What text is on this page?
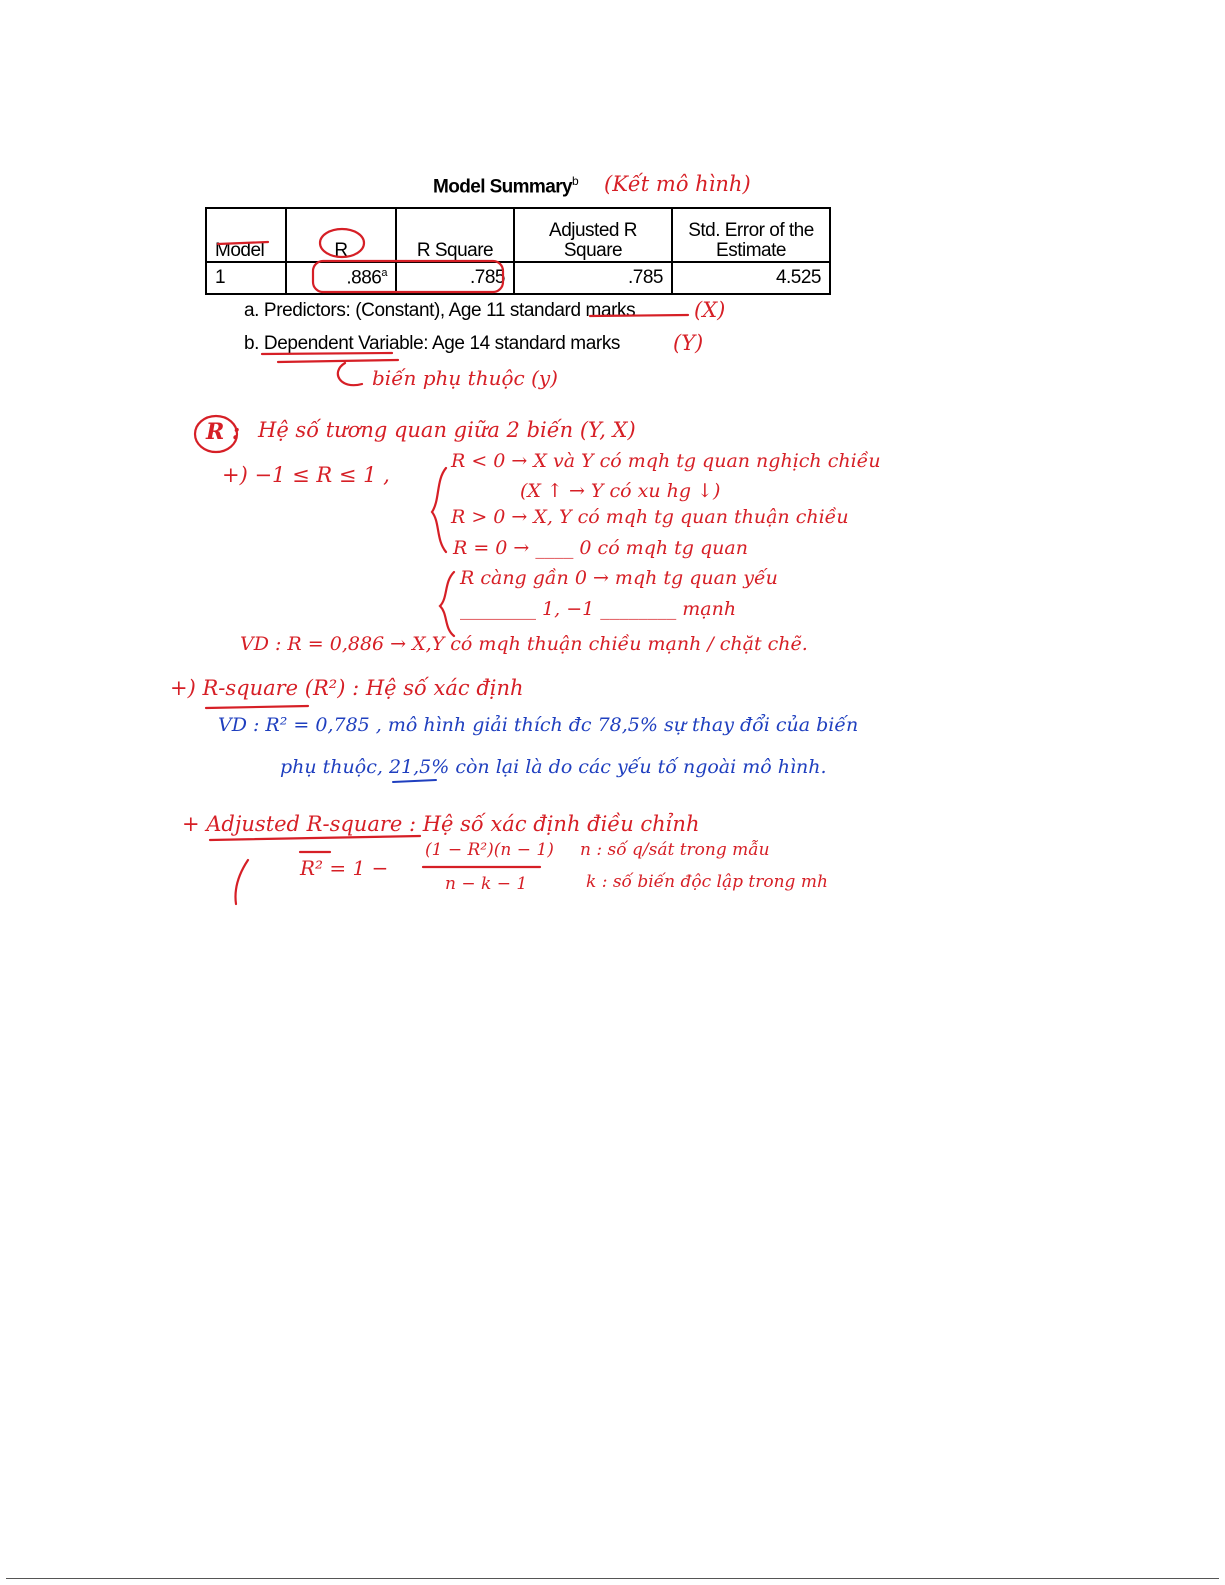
Model Summary$^b$
Model	R	R Square	Adjusted R Square	Std. Error of the Estimate
1	.886$^a$	.785	.785	4.525
a. Predictors: (Constant), Age 11 standard marks
b. Dependent Variable: Age 14 standard marks
(Kết mô hình)
(X)
(Y)
biến phụ thuộc (y)
R : Hệ số tương quan giữa 2 biến (Y, X)
+) −1 ≤ R ≤ 1 ,
R < 0 → X và Y có mqh tg quan nghịch chiều
(X ↑ → Y có xu hg ↓)
R > 0 → X, Y có mqh tg quan thuận chiều
R = 0 → ____ 0 có mqh tg quan
R càng gần 0 → mqh tg quan yếu
________ 1, −1 ________ mạnh
VD : R = 0,886 → X,Y có mqh thuận chiều mạnh / chặt chẽ.
+) R-square (R²) : Hệ số xác định
VD : R² = 0,785 , mô hình giải thích đc 78,5% sự thay đổi của biến
phụ thuộc, 21,5% còn lại là do các yếu tố ngoài mô hình.
+ Adjusted R-square : Hệ số xác định điều chỉnh
R² = 1 −
(1 − R²)(n − 1)
n − k − 1
n : số q/sát trong mẫu
k : số biến độc lập trong mh
